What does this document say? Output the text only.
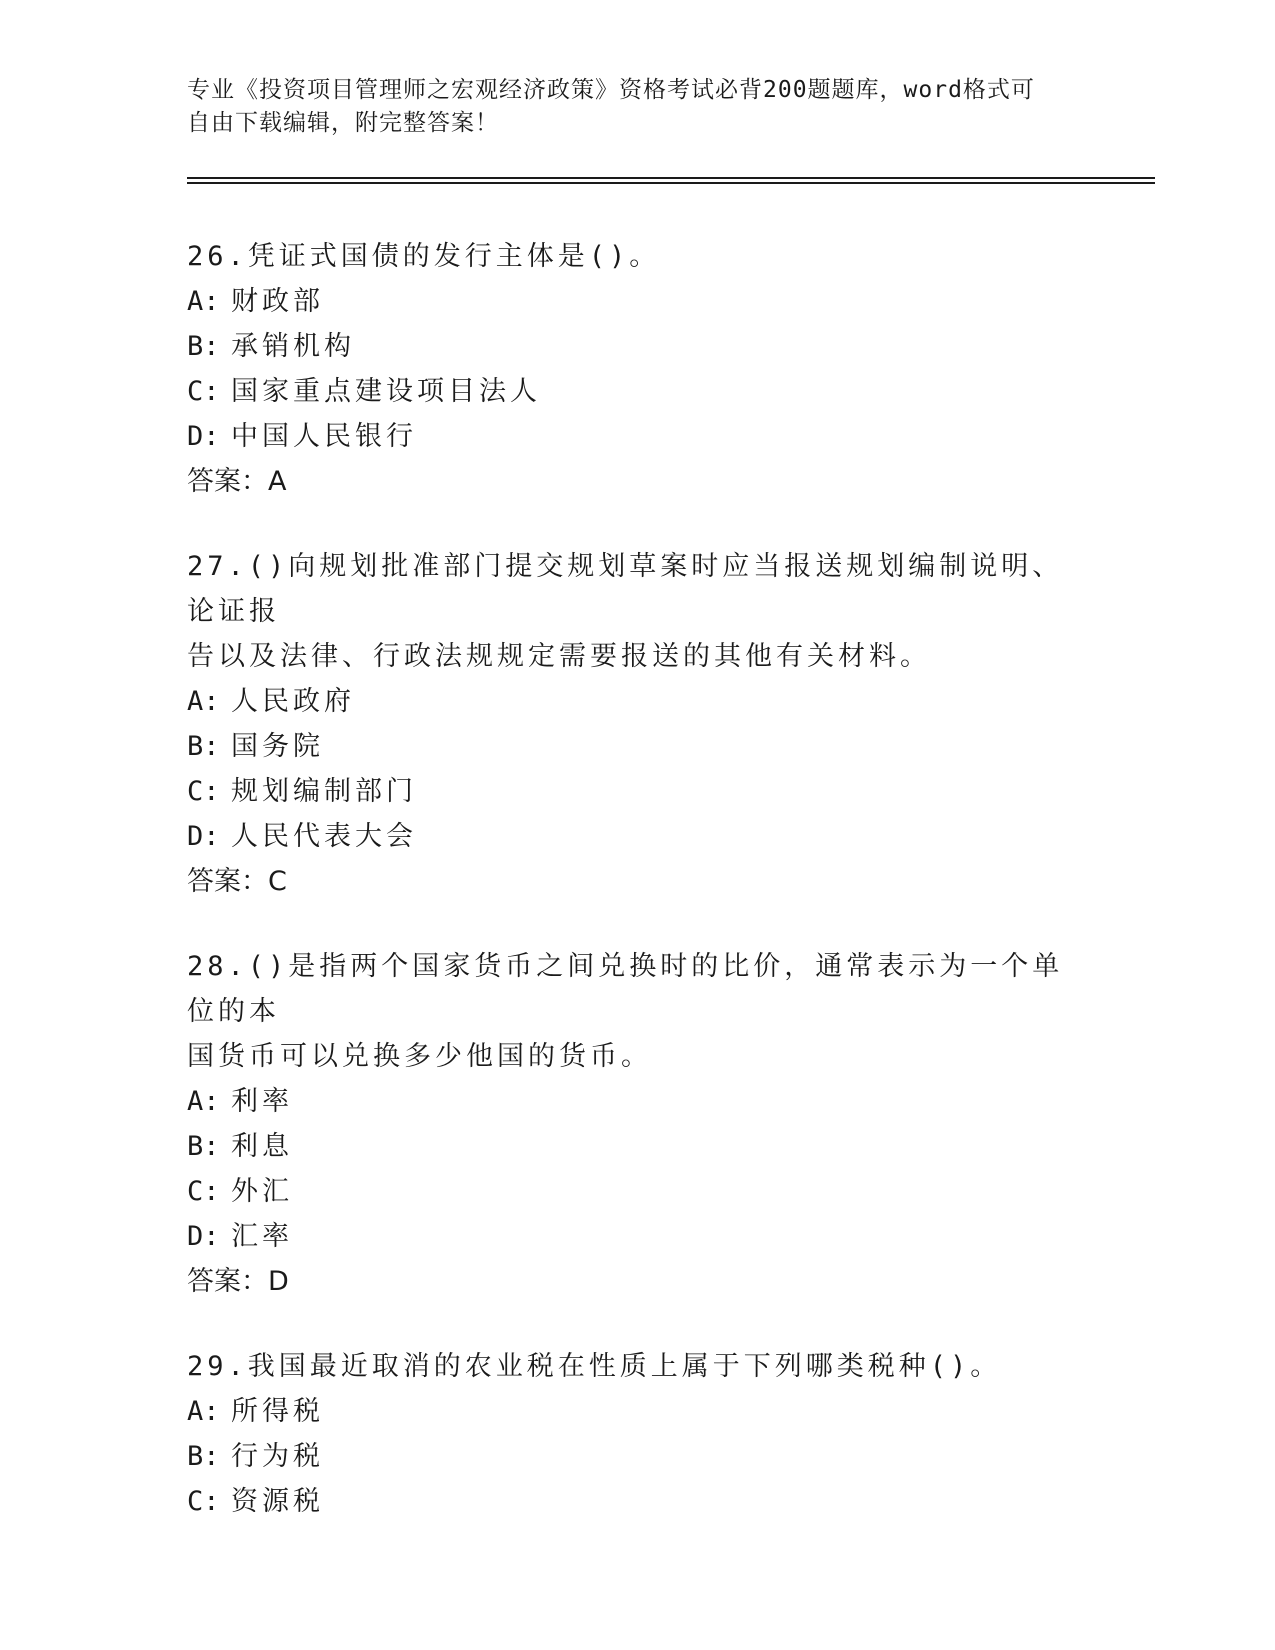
专业《投资项目管理师之宏观经济政策》资格考试必背200题题库，word格式可
自由下载编辑，附完整答案！
26.凭证式国债的发行主体是()。
A: 财政部
B: 承销机构
C: 国家重点建设项目法人
D: 中国人民银行
答案：A
27.()向规划批准部门提交规划草案时应当报送规划编制说明、论证报
告以及法律、行政法规规定需要报送的其他有关材料。
A: 人民政府
B: 国务院
C: 规划编制部门
D: 人民代表大会
答案：C
28.()是指两个国家货币之间兑换时的比价，通常表示为一个单位的本
国货币可以兑换多少他国的货币。
A: 利率
B: 利息
C: 外汇
D: 汇率
答案：D
29.我国最近取消的农业税在性质上属于下列哪类税种()。
A: 所得税
B: 行为税
C: 资源税
